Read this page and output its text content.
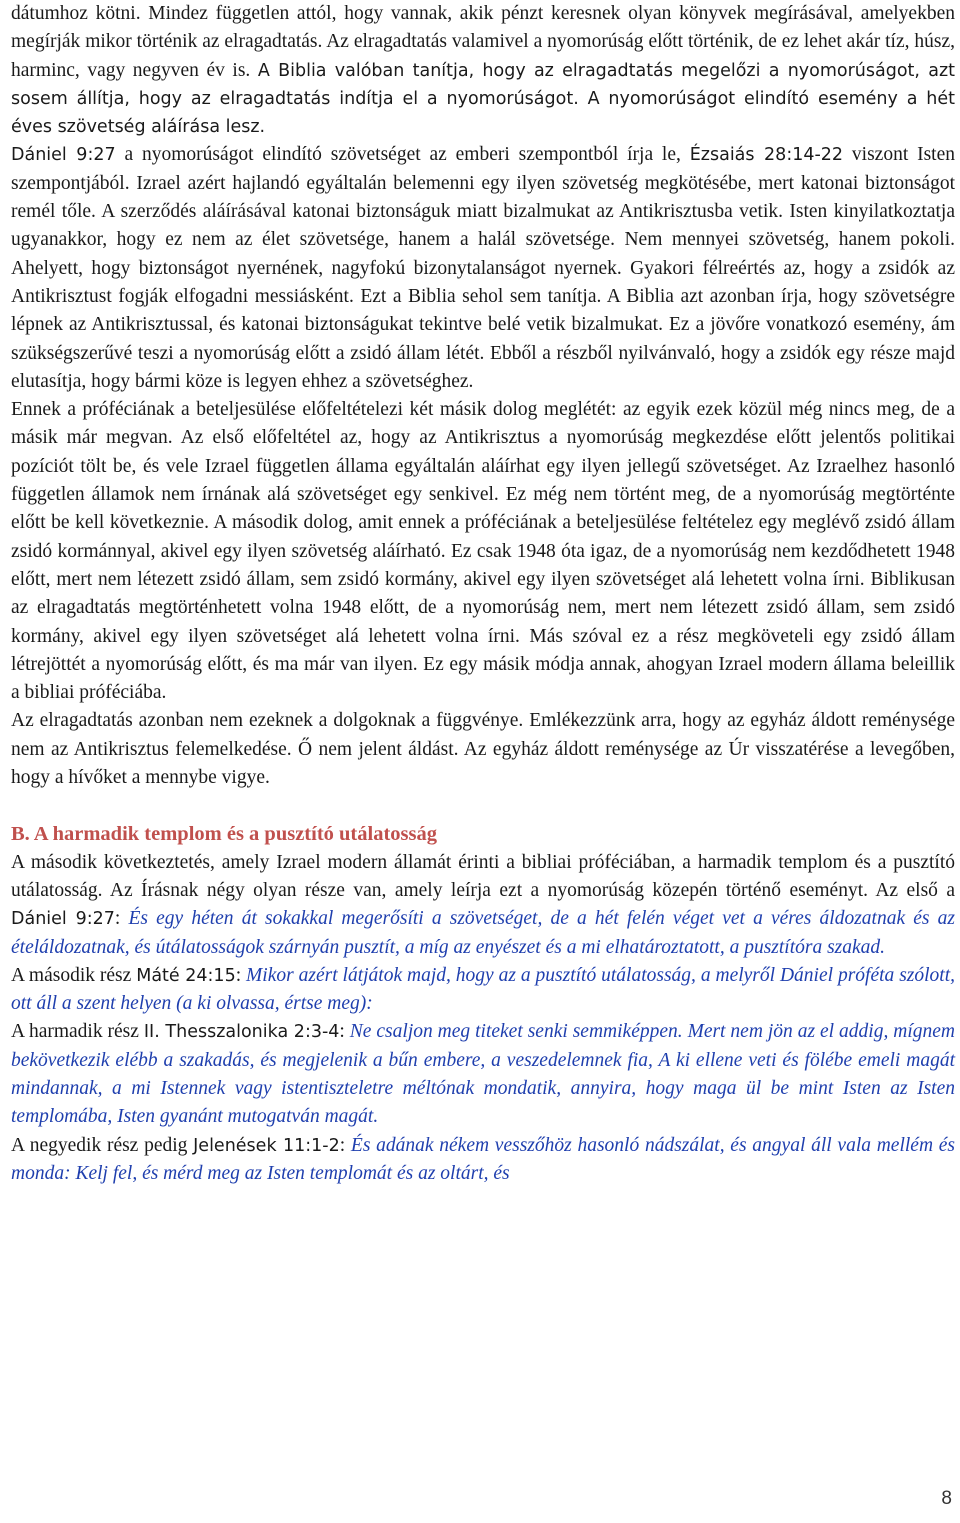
dátumhoz kötni. Mindez független attól, hogy vannak, akik pénzt keresnek olyan könyvek megírásával, amelyekben megírják mikor történik az elragadtatás. Az elragadtatás valamivel a nyomorúság előtt történik, de ez lehet akár tíz, húsz, harminc, vagy negyven év is. A Biblia valóban tanítja, hogy az elragadtatás megelőzi a nyomorúságot, azt sosem állítja, hogy az elragadtatás indítja el a nyomorúságot. A nyomorúságot elindító esemény a hét éves szövetség aláírása lesz.

Dániel 9:27 a nyomorúságot elindító szövetséget az emberi szempontból írja le, Ézsaiás 28:14-22 viszont Isten szempontjából. Izrael azért hajlandó egyáltalán belemenni egy ilyen szövetség megkötésébe, mert katonai biztonságot remél tőle. A szerződés aláírásával katonai biztonságuk miatt bizalmukat az Antikrisztusba vetik. Isten kinyilatkoztatja ugyanakkor, hogy ez nem az élet szövetsége, hanem a halál szövetsége. Nem mennyei szövetség, hanem pokoli. Ahelyett, hogy biztonságot nyernének, nagyfokú bizonytalanságot nyernek. Gyakori félreértés az, hogy a zsidók az Antikrisztust fogják elfogadni messiásként. Ezt a Biblia sehol sem tanítja. A Biblia azt azonban írja, hogy szövetségre lépnek az Antikrisztussal, és katonai biztonságukat tekintve belé vetik bizalmukat. Ez a jövőre vonatkozó esemény, ám szükségszerűvé teszi a nyomorúság előtt a zsidó állam létét. Ebből a részből nyilvánvaló, hogy a zsidók egy része majd elutasítja, hogy bármi köze is legyen ehhez a szövetséghez.

Ennek a próféciának a beteljesülése előfeltételezi két másik dolog meglétét: az egyik ezek közül még nincs meg, de a másik már megvan. Az első előfeltétel az, hogy az Antikrisztus a nyomorúság megkezdése előtt jelentős politikai pozíciót tölt be, és vele Izrael független állama egyáltalán aláírhat egy ilyen jellegű szövetséget. Az Izraelhez hasonló független államok nem írnának alá szövetséget egy senkivel. Ez még nem történt meg, de a nyomorúság megtörténte előtt be kell következnie. A második dolog, amit ennek a próféciának a beteljesülése feltételez egy meglévő zsidó állam zsidó kormánnyal, akivel egy ilyen szövetség aláírható. Ez csak 1948 óta igaz, de a nyomorúság nem kezdődhetett 1948 előtt, mert nem létezett zsidó állam, sem zsidó kormány, akivel egy ilyen szövetséget alá lehetett volna írni. Biblikusan az elragadtatás megtörténhetett volna 1948 előtt, de a nyomorúság nem, mert nem létezett zsidó állam, sem zsidó kormány, akivel egy ilyen szövetséget alá lehetett volna írni. Más szóval ez a rész megköveteli egy zsidó állam létrejöttét a nyomorúság előtt, és ma már van ilyen. Ez egy másik módja annak, ahogyan Izrael modern állama beleillik a bibliai próféciába.

Az elragadtatás azonban nem ezeknek a dolgoknak a függvénye. Emlékezzünk arra, hogy az egyház áldott reménysége nem az Antikrisztus felemelkedése. Ő nem jelent áldást. Az egyház áldott reménysége az Úr visszatérése a levegőben, hogy a hívőket a mennybe vigye.

B. A harmadik templom és a pusztító utálatosság

A második következtetés, amely Izrael modern államát érinti a bibliai próféciában, a harmadik templom és a pusztító utálatosság. Az Írásnak négy olyan része van, amely leírja ezt a nyomorúság közepén történő eseményt. Az első a Dániel 9:27: És egy héten át sokakkal megerősíti a szövetséget, de a hét felén véget vet a véres áldozatnak és az ételáldozatnak, és útálatosságok szárnyán pusztít, a míg az enyészet és a mi elhatároztatott, a pusztítóra szakad.

A második rész Máté 24:15: Mikor azért látjátok majd, hogy az a pusztító utálatosság, a melyről Dániel próféta szólott, ott áll a szent helyen (a ki olvassa, értse meg):

A harmadik rész II. Thesszalonika 2:3-4: Ne csaljon meg titeket senki semmiképpen. Mert nem jön az el addig, mígnem bekövetkezik elébb a szakadás, és megjelenik a bűn embere, a veszedelemnek fia, A ki ellene veti és fölébe emeli magát mindannak, a mi Istennek vagy istentiszteletre méltónak mondatik, annyira, hogy maga ül be mint Isten az Isten templomába, Isten gyanánt mutogatván magát.

A negyedik rész pedig Jelenések 11:1-2: És adának nékem vesszőhöz hasonló nádszálat, és angyal áll vala mellém és monda: Kelj fel, és mérd meg az Isten templomát és az oltárt, és

8
